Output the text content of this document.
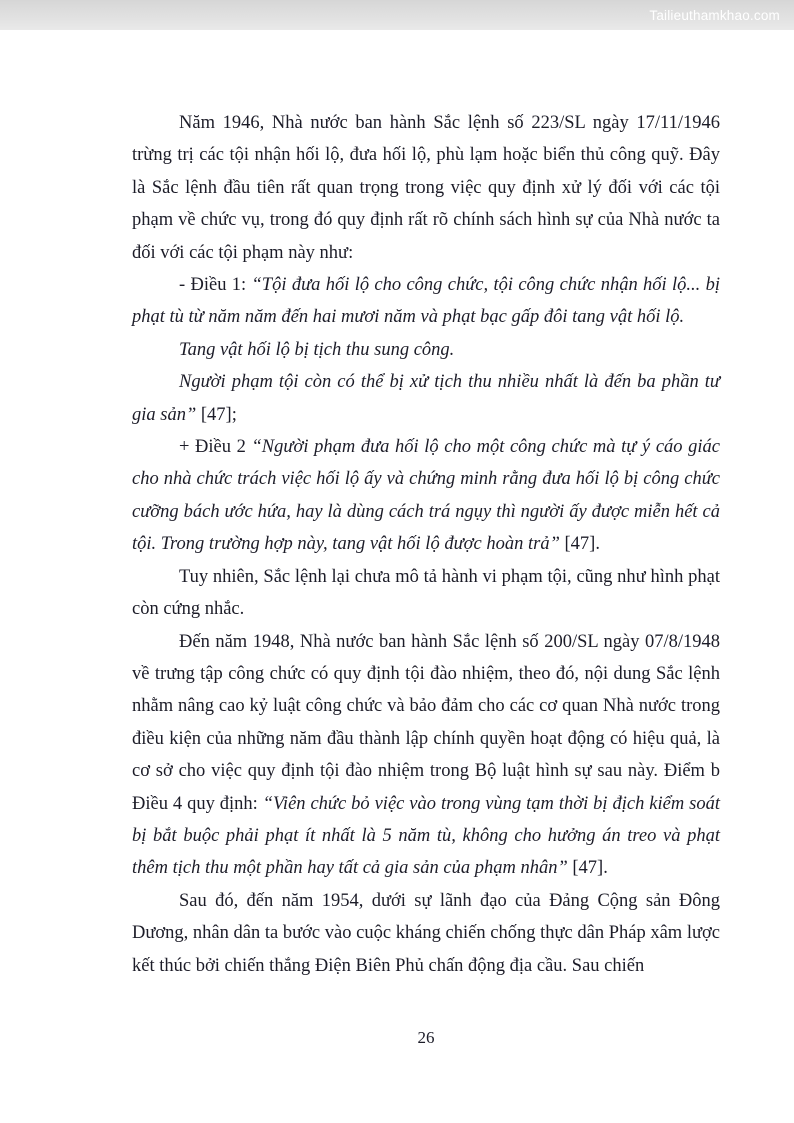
Tailieuthamkhao.com

Năm 1946, Nhà nước ban hành Sắc lệnh số 223/SL ngày 17/11/1946 trừng trị các tội nhận hối lộ, đưa hối lộ, phù lạm hoặc biển thủ công quỹ. Đây là Sắc lệnh đầu tiên rất quan trọng trong việc quy định xử lý đối với các tội phạm về chức vụ, trong đó quy định rất rõ chính sách hình sự của Nhà nước ta đối với các tội phạm này như:

- Điều 1: “Tội đưa hối lộ cho công chức, tội công chức nhận hối lộ... bị phạt tù từ năm năm đến hai mươi năm và phạt bạc gấp đôi tang vật hối lộ.

Tang vật hối lộ bị tịch thu sung công.

Người phạm tội còn có thể bị xử tịch thu nhiều nhất là đến ba phần tư gia sản” [47];

+ Điều 2 “Người phạm đưa hối lộ cho một công chức mà tự ý cáo giác cho nhà chức trách việc hối lộ ấy và chứng minh rằng đưa hối lộ bị công chức cưỡng bách ước hứa, hay là dùng cách trá ngụy thì người ấy được miễn hết cả tội. Trong trường hợp này, tang vật hối lộ được hoàn trả” [47].

Tuy nhiên, Sắc lệnh lại chưa mô tả hành vi phạm tội, cũng như hình phạt còn cứng nhắc.

Đến năm 1948, Nhà nước ban hành Sắc lệnh số 200/SL ngày 07/8/1948 về trưng tập công chức có quy định tội đào nhiệm, theo đó, nội dung Sắc lệnh nhằm nâng cao kỷ luật công chức và bảo đảm cho các cơ quan Nhà nước trong điều kiện của những năm đầu thành lập chính quyền hoạt động có hiệu quả, là cơ sở cho việc quy định tội đào nhiệm trong Bộ luật hình sự sau này. Điểm b Điều 4 quy định: “Viên chức bỏ việc vào trong vùng tạm thời bị địch kiểm soát bị bắt buộc phải phạt ít nhất là 5 năm tù, không cho hưởng án treo và phạt thêm tịch thu một phần hay tất cả gia sản của phạm nhân” [47].

Sau đó, đến năm 1954, dưới sự lãnh đạo của Đảng Cộng sản Đông Dương, nhân dân ta bước vào cuộc kháng chiến chống thực dân Pháp xâm lược kết thúc bởi chiến thắng Điện Biên Phủ chấn động địa cầu. Sau chiến

26
